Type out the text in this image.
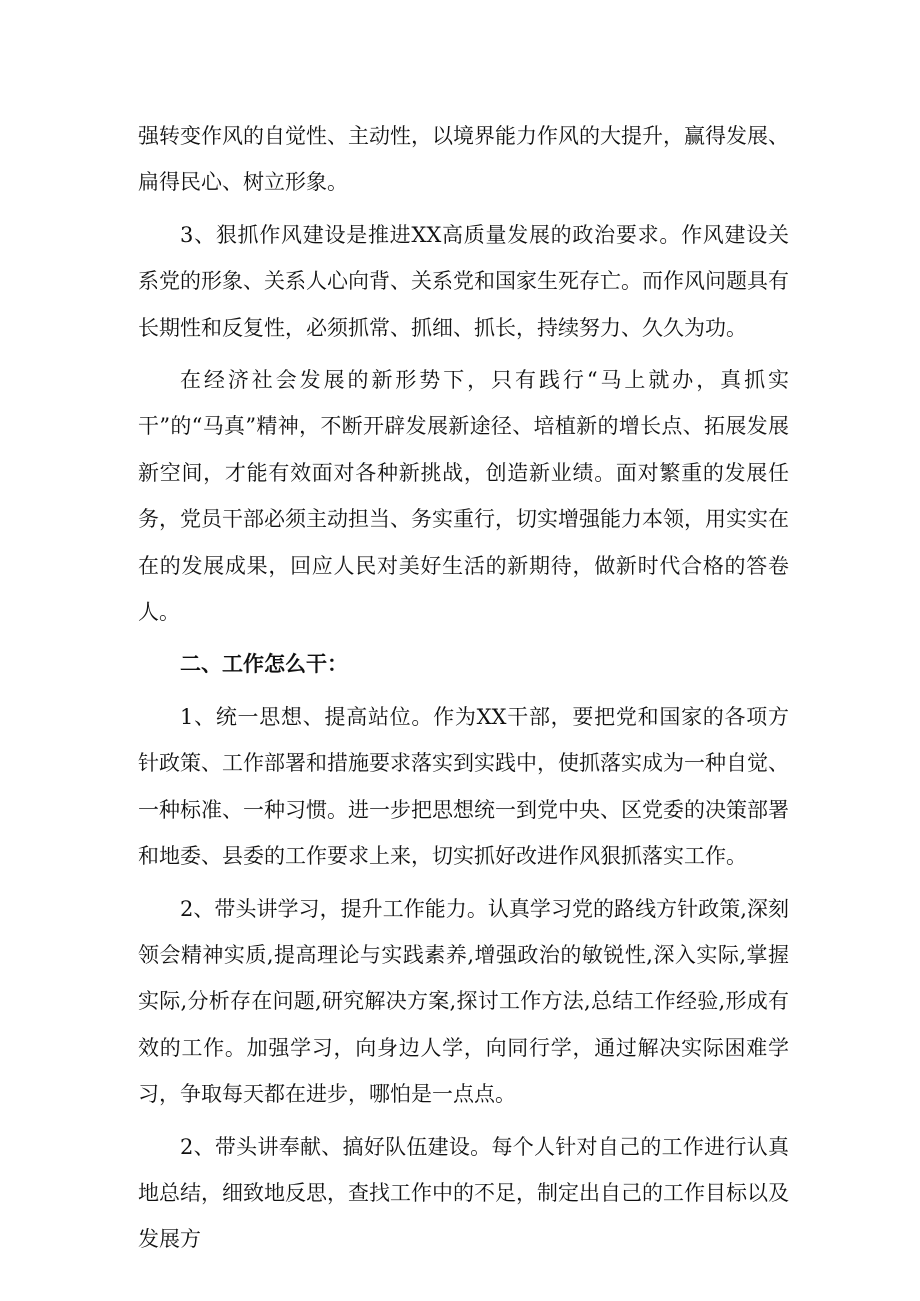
强转变作风的自觉性、主动性，以境界能力作风的大提升，赢得发展、扁得民心、树立形象。

3、狠抓作风建设是推进XX高质量发展的政治要求。作风建设关系党的形象、关系人心向背、关系党和国家生死存亡。而作风问题具有长期性和反复性，必须抓常、抓细、抓长，持续努力、久久为功。

在经济社会发展的新形势下，只有践行“马上就办，真抓实干”的“马真”精神，不断开辟发展新途径、培植新的增长点、拓展发展新空间，才能有效面对各种新挑战，创造新业绩。面对繁重的发展任务，党员干部必须主动担当、务实重行，切实增强能力本领，用实实在在的发展成果，回应人民对美好生活的新期待，做新时代合格的答卷人。

二、工作怎么干：

1、统一思想、提高站位。作为XX干部，要把党和国家的各项方针政策、工作部署和措施要求落实到实践中，使抓落实成为一种自觉、一种标准、一种习惯。进一步把思想统一到党中央、区党委的决策部署和地委、县委的工作要求上来，切实抓好改进作风狠抓落实工作。

2、带头讲学习，提升工作能力。认真学习党的路线方针政策,深刻领会精神实质,提高理论与实践素养,增强政治的敏锐性,深入实际,掌握实际,分析存在问题,研究解决方案,探讨工作方法,总结工作经验,形成有效的工作。加强学习，向身边人学，向同行学，通过解决实际困难学习，争取每天都在进步，哪怕是一点点。

2、带头讲奉献、搞好队伍建设。每个人针对自己的工作进行认真地总结，细致地反思，查找工作中的不足，制定出自己的工作目标以及发展方
